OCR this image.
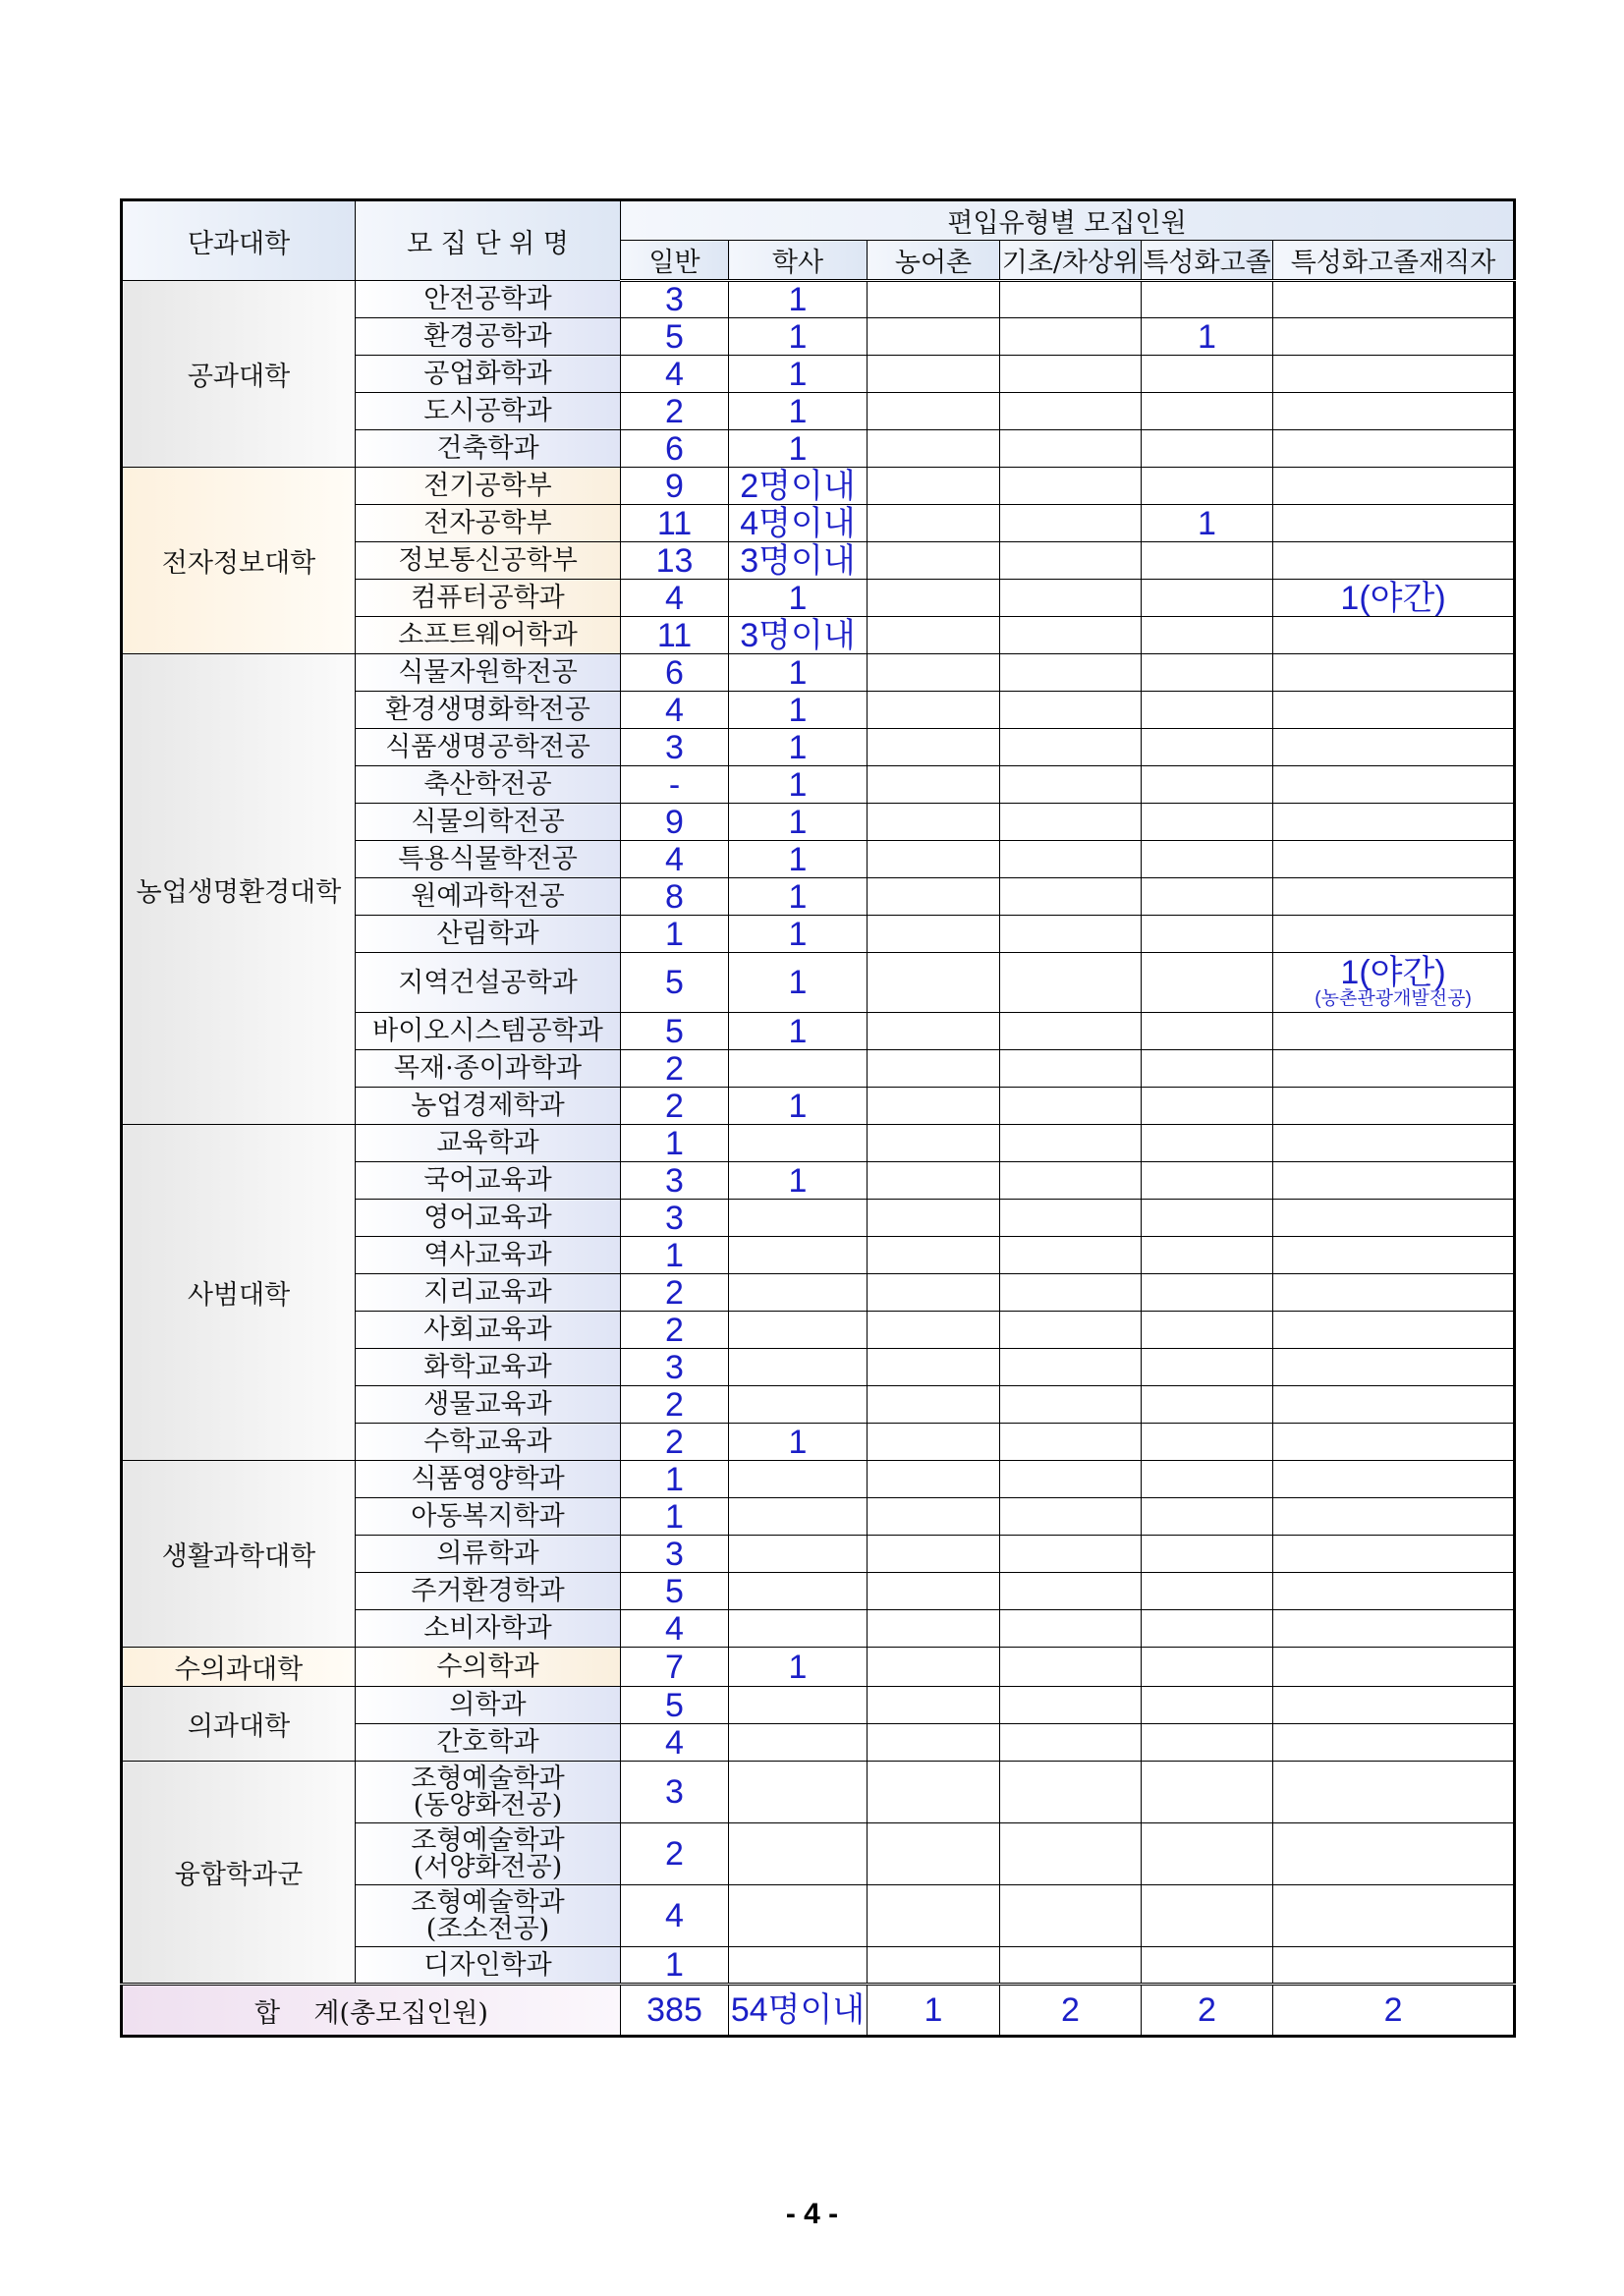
단과대학	모 집 단 위 명	편입유형별 모집인원					
		일반	학사	농어촌	기초/차상위	특성화고졸	특성화고졸재직자
공과대학	안전공학과	3	1				
	환경공학과	5	1			1	
	공업화학과	4	1				
	도시공학과	2	1				
	건축학과	6	1				
전자정보대학	전기공학부	9	2명이내				
	전자공학부	11	4명이내			1	
	정보통신공학부	13	3명이내				
	컴퓨터공학과	4	1				1(야간)
	소프트웨어학과	11	3명이내				
농업생명환경대학	식물자원학전공	6	1				
	환경생명화학전공	4	1				
	식품생명공학전공	3	1				
	축산학전공	-	1				
	식물의학전공	9	1				
	특용식물학전공	4	1				
	원예과학전공	8	1				
	산림학과	1	1				
	지역건설공학과	5	1				1(야간)
(농촌관광개발전공)

	바이오시스템공학과	5	1				
	목재·종이과학과	2					
	농업경제학과	2	1				
사범대학	교육학과	1					
	국어교육과	3	1				
	영어교육과	3					
	역사교육과	1					
	지리교육과	2					
	사회교육과	2					
	화학교육과	3					
	생물교육과	2					
	수학교육과	2	1				
생활과학대학	식품영양학과	1					
	아동복지학과	1					
	의류학과	3					
	주거환경학과	5					
	소비자학과	4					
수의과대학	수의학과	7	1				
의과대학	의학과	5					
	간호학과	4					
융합학과군	조형예술학과
(동양화전공)	3					

	조형예술학과
(서양화전공)	2					

	조형예술학과
(조소전공)	4					
	디자인학과	1					
합    계(총모집인원)		385	54명이내	1	2	2	2
- 4 -
